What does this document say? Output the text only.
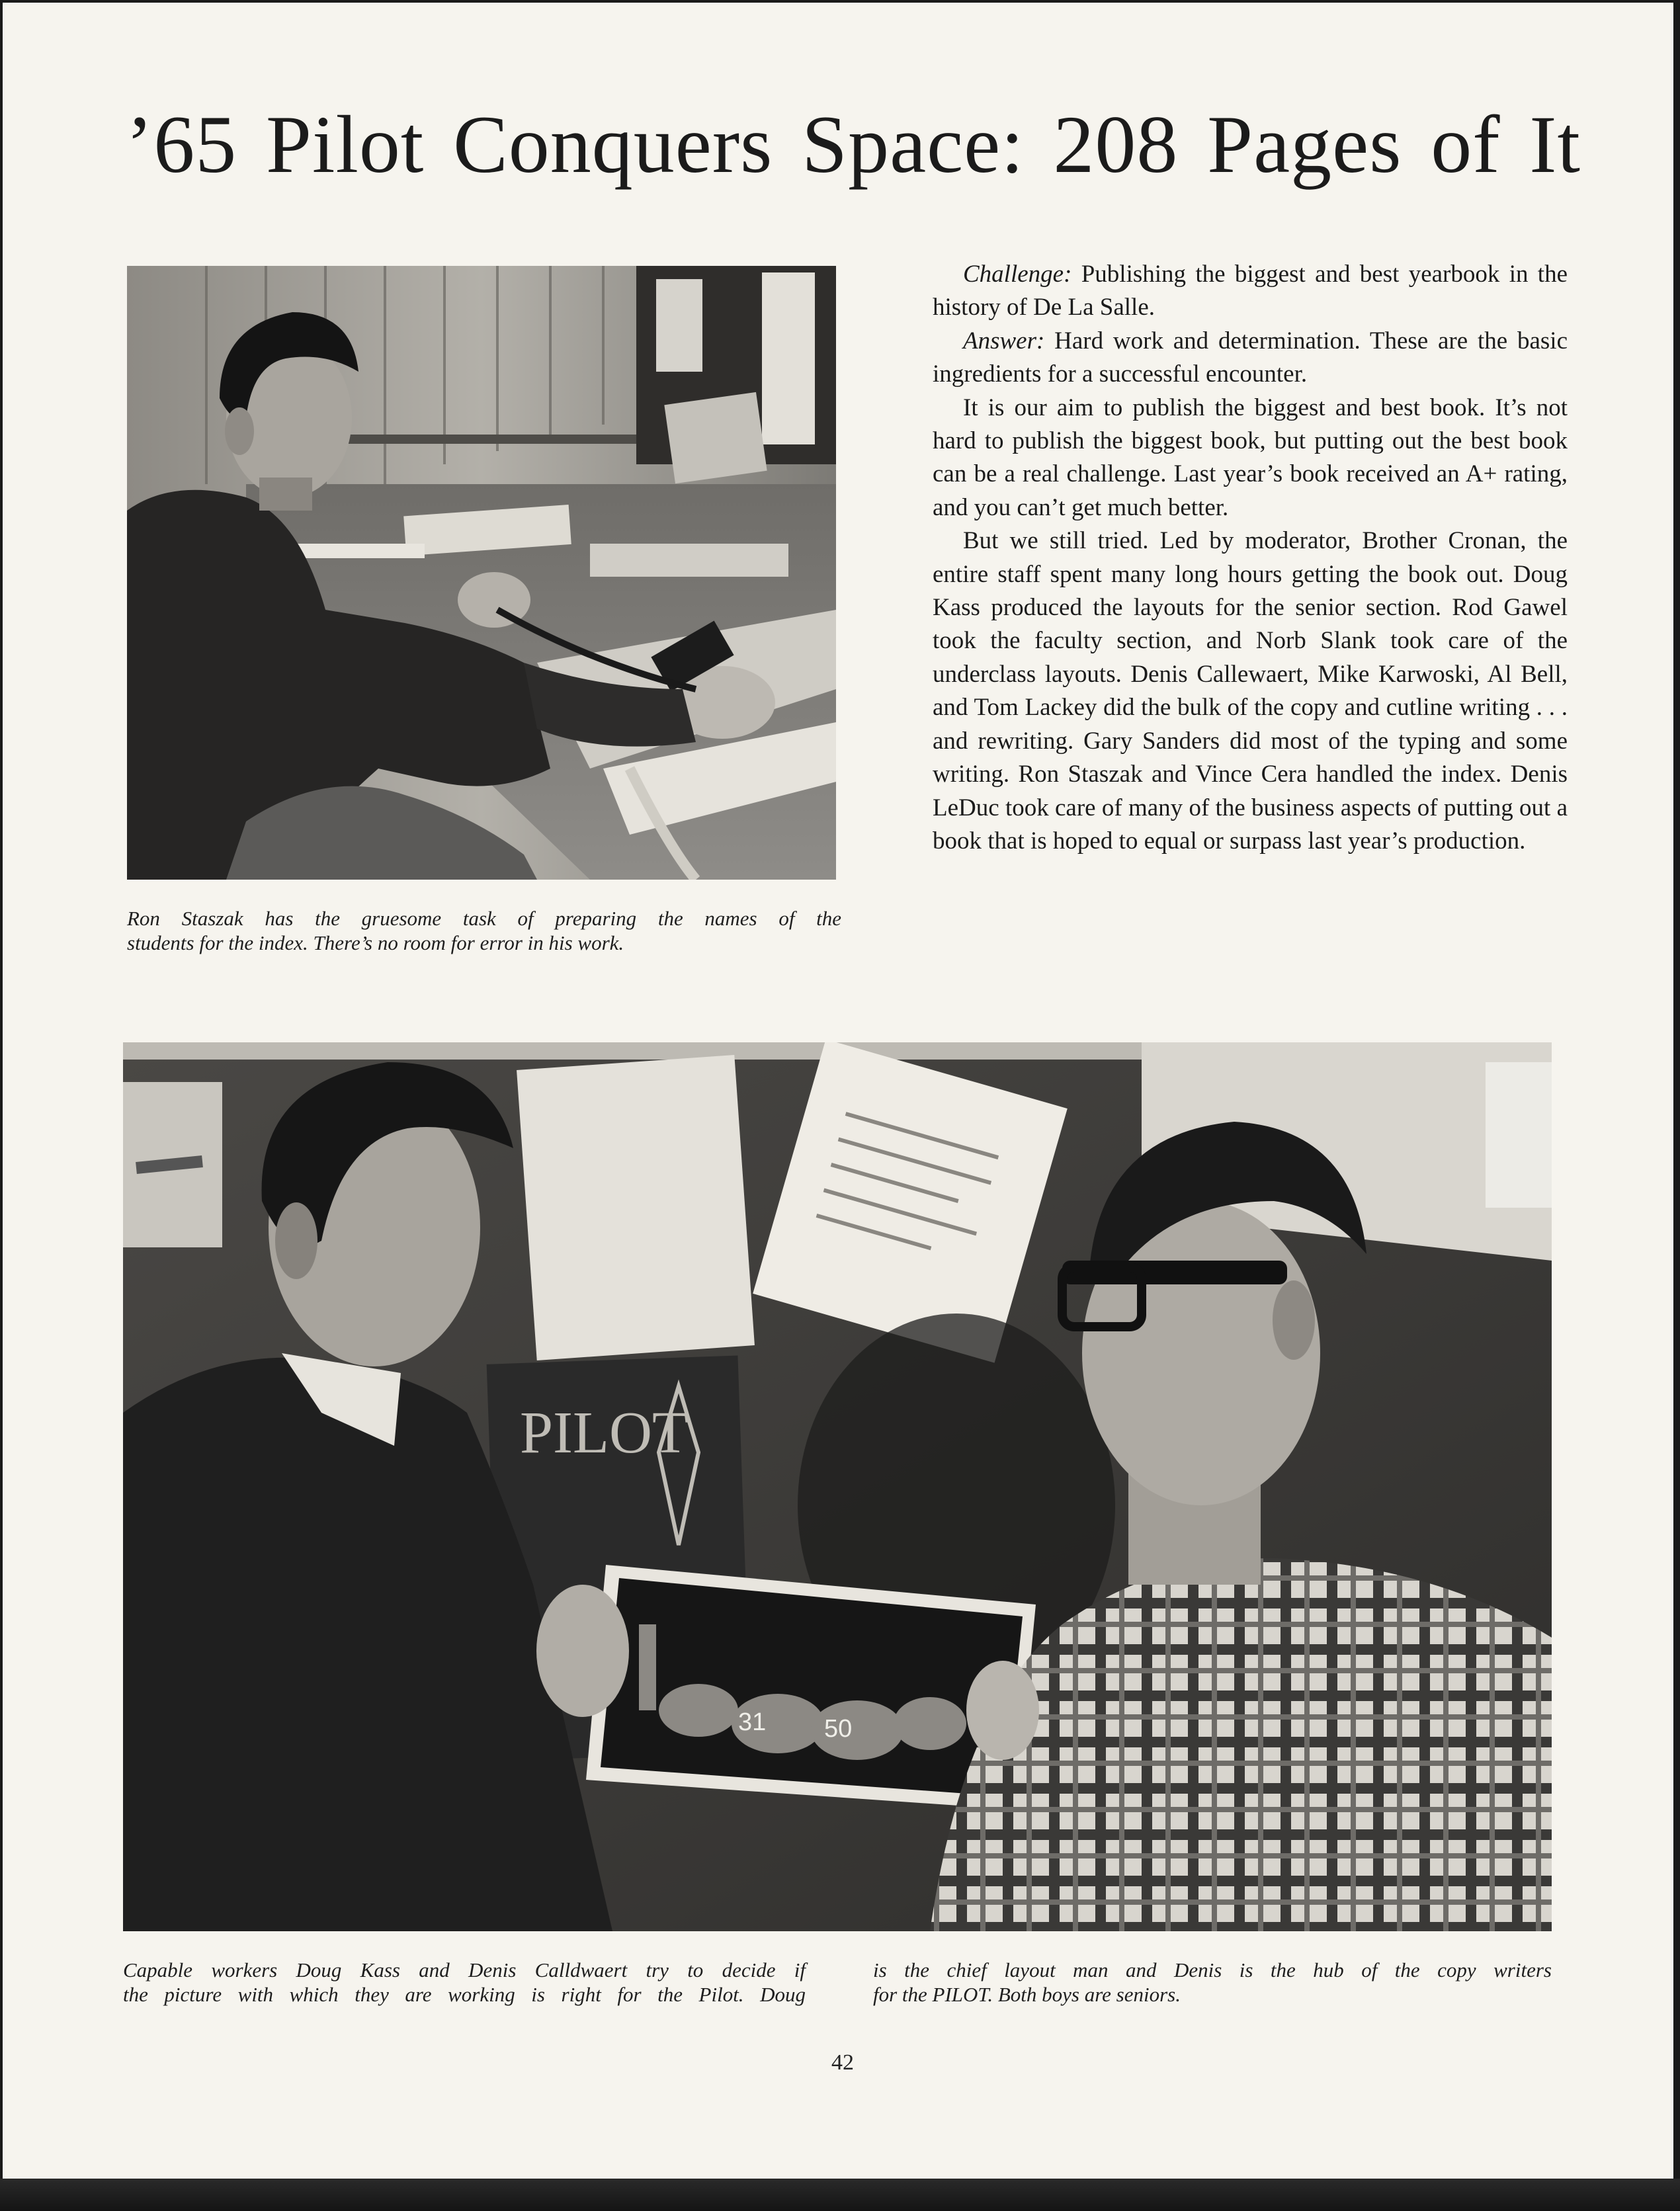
’65 Pilot Conquers Space: 208 Pages of It

Ron Staszak has the gruesome task of preparing the names of the
students for the index. There’s no room for error in his work.

Challenge: Publishing the biggest and best yearbook in the history of De La Salle.

Answer: Hard work and determination. These are the basic ingredients for a successful encounter.

It is our aim to publish the biggest and best book. It’s not hard to publish the biggest book, but putting out the best book can be a real challenge. Last year’s book received an A+ rating, and you can’t get much better.

But we still tried. Led by moderator, Brother Cronan, the entire staff spent many long hours getting the book out. Doug Kass produced the layouts for the senior section. Rod Gawel took the faculty section, and Norb Slank took care of the underclass layouts. Denis Callewaert, Mike Karwoski, Al Bell, and Tom Lackey did the bulk of the copy and cutline writing . . . and rewriting. Gary Sanders did most of the typing and some writing. Ron Staszak and Vince Cera handled the index. Denis LeDuc took care of many of the business aspects of putting out a book that is hoped to equal or surpass last year’s production.

PILOT
31 50

Capable workers Doug Kass and Denis Calldwaert try to decide if
the picture with which they are working is right for the Pilot. Doug

is the chief layout man and Denis is the hub of the copy writers
for the PILOT. Both boys are seniors.

42
